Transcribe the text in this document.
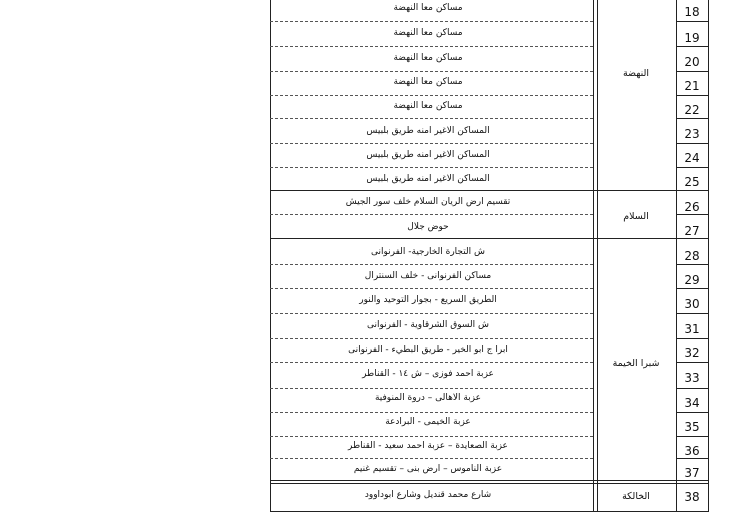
18
19
20
21
22
23
24
25
26
27
28
29
30
31
32
33
34
35
36
37
38
مساكن معا النهضة
مساكن معا النهضة
مساكن معا النهضة
مساكن معا النهضة
مساكن معا النهضة
المساكن الاغير امنه طريق بلبيس
المساكن الاغير امنه طريق بلبيس
المساكن الاغير امنه طريق بلبيس
تقسيم ارض الريان السلام خلف سور الجيش
حوض جلال
ش التجارة الخارجية- الفرنوانى
مساكن الفرنوانى - خلف السنترال
الطريق السريع - بجوار التوحيد والنور
ش السوق الشرقاوية - الفرنوانى
ابرا ج ابو الخير - طريق البطيء - الفرنوانى
عزبة احمد فوزى – ش ١٤ - القناطر
عزبة الاهالى – دروة المنوفية
عزبة الخيمى - البرادعة
عزبة الصعايدة – عزبة احمد سعيد - القناطر
عزبة الناموس – ارض بنى – تقسيم غنيم
شارع محمد قنديل وشارع ابوداوود
النهضة
السلام
شبرا الخيمة
الخالكة
